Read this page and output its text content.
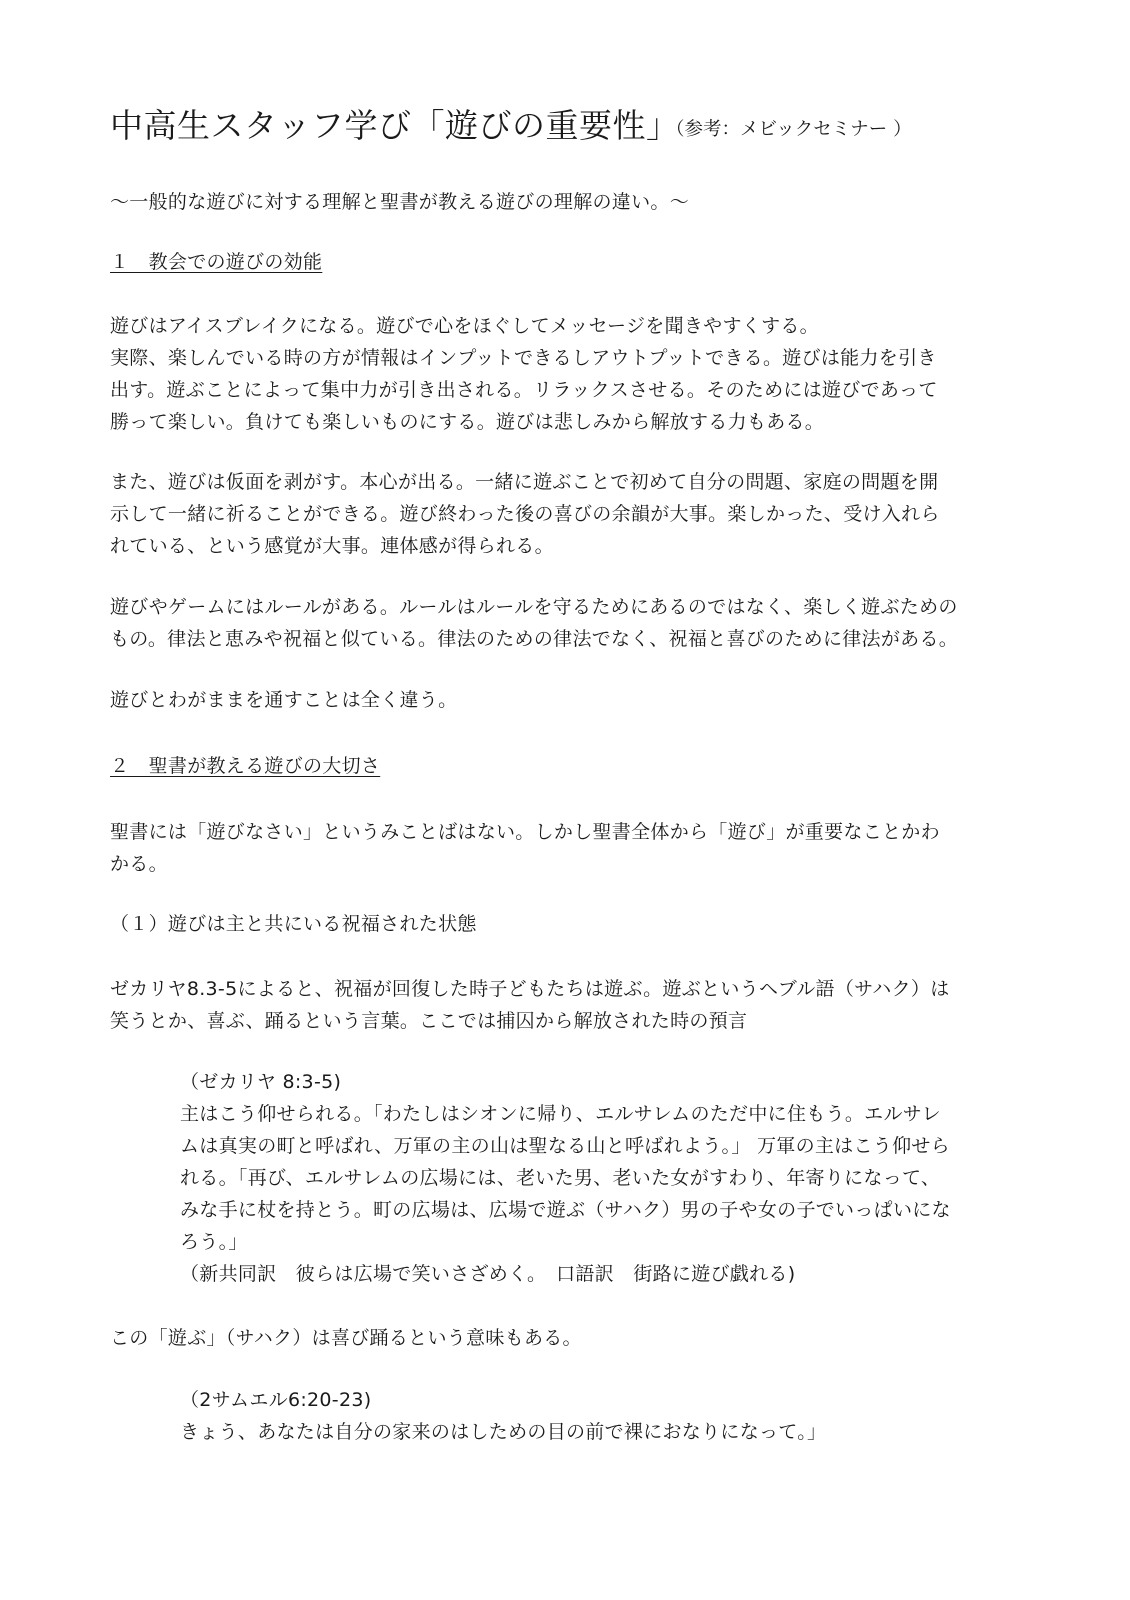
中高生スタッフ学び「遊びの重要性」
（参考：メビックセミナー ）
〜一般的な遊びに対する理解と聖書が教える遊びの理解の違い。〜
１　教会での遊びの効能
遊びはアイスブレイクになる。遊びで心をほぐしてメッセージを聞きやすくする。
実際、楽しんでいる時の方が情報はインプットできるしアウトプットできる。遊びは能力を引き
出す。遊ぶことによって集中力が引き出される。リラックスさせる。そのためには遊びであって
勝って楽しい。負けても楽しいものにする。遊びは悲しみから解放する力もある。
また、遊びは仮面を剥がす。本心が出る。一緒に遊ぶことで初めて自分の問題、家庭の問題を開
示して一緒に祈ることができる。遊び終わった後の喜びの余韻が大事。楽しかった、受け入れら
れている、という感覚が大事。連体感が得られる。
遊びやゲームにはルールがある。ルールはルールを守るためにあるのではなく、楽しく遊ぶための
もの。律法と恵みや祝福と似ている。律法のための律法でなく、祝福と喜びのために律法がある。
遊びとわがままを通すことは全く違う。
２　聖書が教える遊びの大切さ
聖書には「遊びなさい」というみことばはない。しかし聖書全体から「遊び」が重要なことかわ
かる。
（１）遊びは主と共にいる祝福された状態
ゼカリヤ8.3-5によると、祝福が回復した時子どもたちは遊ぶ。遊ぶというヘブル語（サハク）は
笑うとか、喜ぶ、踊るという言葉。ここでは捕囚から解放された時の預言
（ゼカリヤ 8:3-5)
主はこう仰せられる。「わたしはシオンに帰り、エルサレムのただ中に住もう。エルサレ
ムは真実の町と呼ばれ、万軍の主の山は聖なる山と呼ばれよう。」 万軍の主はこう仰せら
れる。「再び、エルサレムの広場には、老いた男、老いた女がすわり、年寄りになって、
みな手に杖を持とう。町の広場は、広場で遊ぶ（サハク）男の子や女の子でいっぱいにな
ろう。」
（新共同訳　彼らは広場で笑いさざめく。　口語訳　街路に遊び戯れる)
この「遊ぶ」（サハク）は喜び踊るという意味もある。
（2サムエル6:20-23)
きょう、あなたは自分の家来のはしための目の前で裸におなりになって。」
